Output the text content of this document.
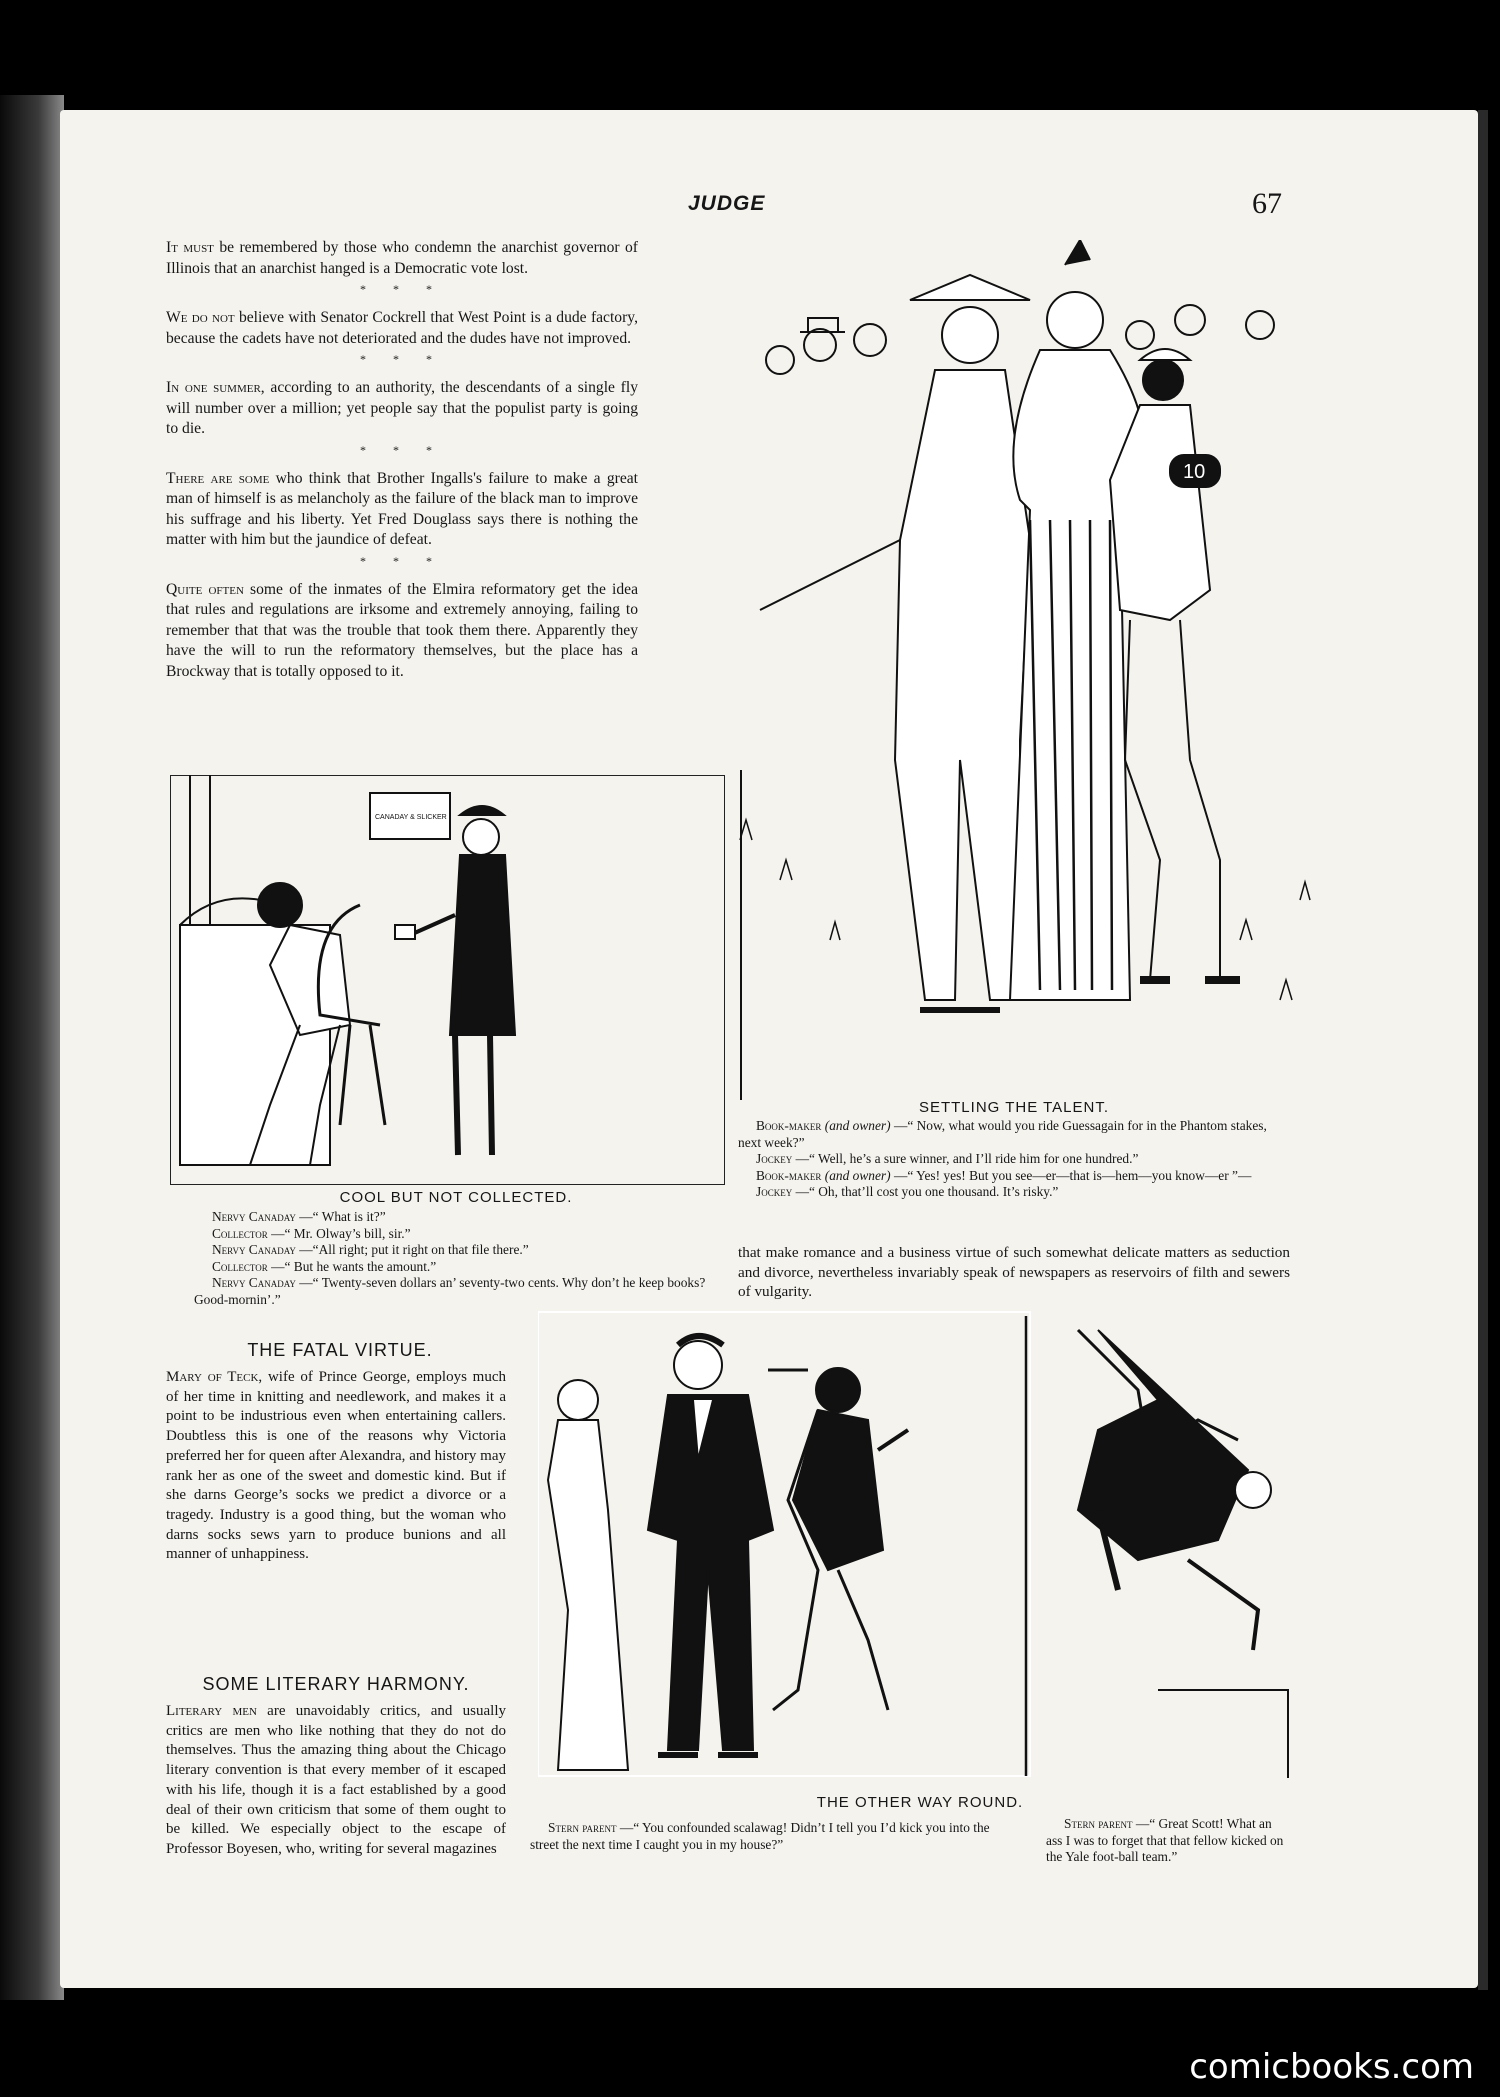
JUDGE	67

It must be remembered by those who condemn the anarchist governor of Illinois that an anarchist hanged is a Democratic vote lost.

* * *

We do not believe with Senator Cockrell that West Point is a dude factory, because the cadets have not deteriorated and the dudes have not improved.

* * *

In one summer, according to an authority, the descendants of a single fly will number over a million; yet people say that the populist party is going to die.

* * *

There are some who think that Brother Ingalls's failure to make a great man of himself is as melancholy as the failure of the black man to improve his suffrage and his liberty. Yet Fred Douglass says there is nothing the matter with him but the jaundice of defeat.

* * *

Quite often some of the inmates of the Elmira reformatory get the idea that rules and regulations are irksome and extremely annoying, failing to remember that that was the trouble that took them there. Apparently they have the will to run the reformatory themselves, but the place has a Brockway that is totally opposed to it.

10
CANADAY & SLICKER
SETTLING THE TALENT.
Book-maker (and owner) —“ Now, what would you ride Guessagain for in the Phantom stakes, next week?”
Jockey —“ Well, he’s a sure winner, and I’ll ride him for one hundred.”
Book-maker (and owner) —“ Yes! yes! But you see—er—that is—hem—you know—er ”—
Jockey —“ Oh, that’ll cost you one thousand. It’s risky.”
COOL BUT NOT COLLECTED.
Nervy Canaday —“ What is it?”
Collector —“ Mr. Olway’s bill, sir.”
Nervy Canaday —“All right; put it right on that file there.”
Collector —“ But he wants the amount.”
Nervy Canaday —“ Twenty-seven dollars an’ seventy-two cents. Why don’t he keep books? Good-mornin’.”
that make romance and a business virtue of such somewhat delicate matters as seduction and divorce, nevertheless invariably speak of newspapers as reservoirs of filth and sewers of vulgarity.
THE FATAL VIRTUE.

Mary of Teck, wife of Prince George, employs much of her time in knitting and needlework, and makes it a point to be industrious even when entertaining callers. Doubtless this is one of the reasons why Victoria preferred her for queen after Alexandra, and history may rank her as one of the sweet and domestic kind. But if she darns George’s socks we predict a divorce or a tragedy. Industry is a good thing, but the woman who darns socks sews yarn to produce bunions and all manner of unhappiness.

SOME LITERARY HARMONY.

Literary men are unavoidably critics, and usually critics are men who like nothing that they do not do themselves. Thus the amazing thing about the Chicago literary convention is that every member of it escaped with his life, though it is a fact established by a good deal of their own criticism that some of them ought to be killed. We especially object to the escape of Professor Boyesen, who, writing for several magazines

THE OTHER WAY ROUND.
Stern parent —“ You confounded scalawag! Didn’t I tell you I’d kick you into the street the next time I caught you in my house?”
Stern parent —“ Great Scott! What an ass I was to forget that that fellow kicked on the Yale foot-ball team.”
comicbooks.com
